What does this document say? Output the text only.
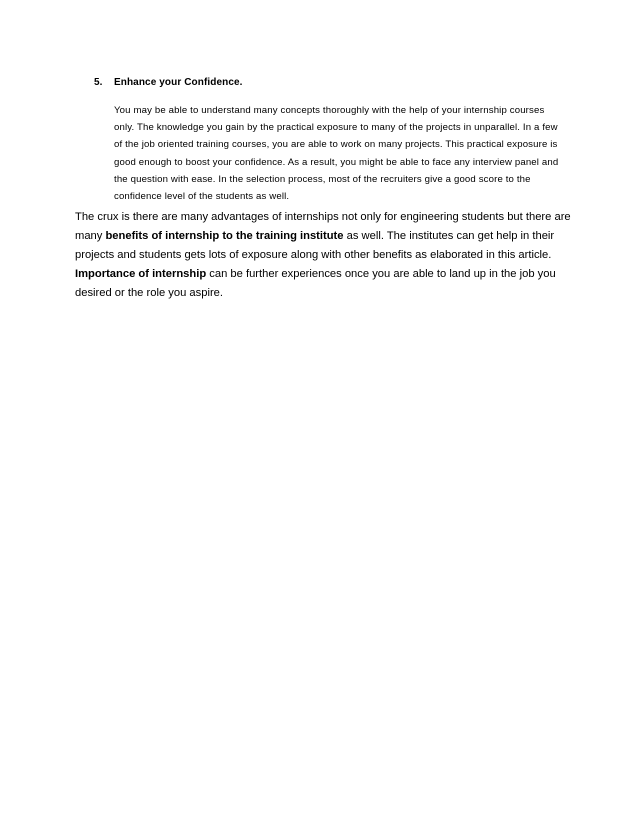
5.	Enhance your Confidence.
You may be able to understand many concepts thoroughly with the help of your internship courses only. The knowledge you gain by the practical exposure to many of the projects in unparallel. In a few of the job oriented training courses, you are able to work on many projects. This practical exposure is good enough to boost your confidence. As a result, you might be able to face any interview panel and the question with ease. In the selection process, most of the recruiters give a good score to the confidence level of the students as well.

The crux is there are many advantages of internships not only for engineering students but there are many benefits of internship to the training institute as well. The institutes can get help in their projects and students gets lots of exposure along with other benefits as elaborated in this article. Importance of internship can be further experiences once you are able to land up in the job you desired or the role you aspire.
